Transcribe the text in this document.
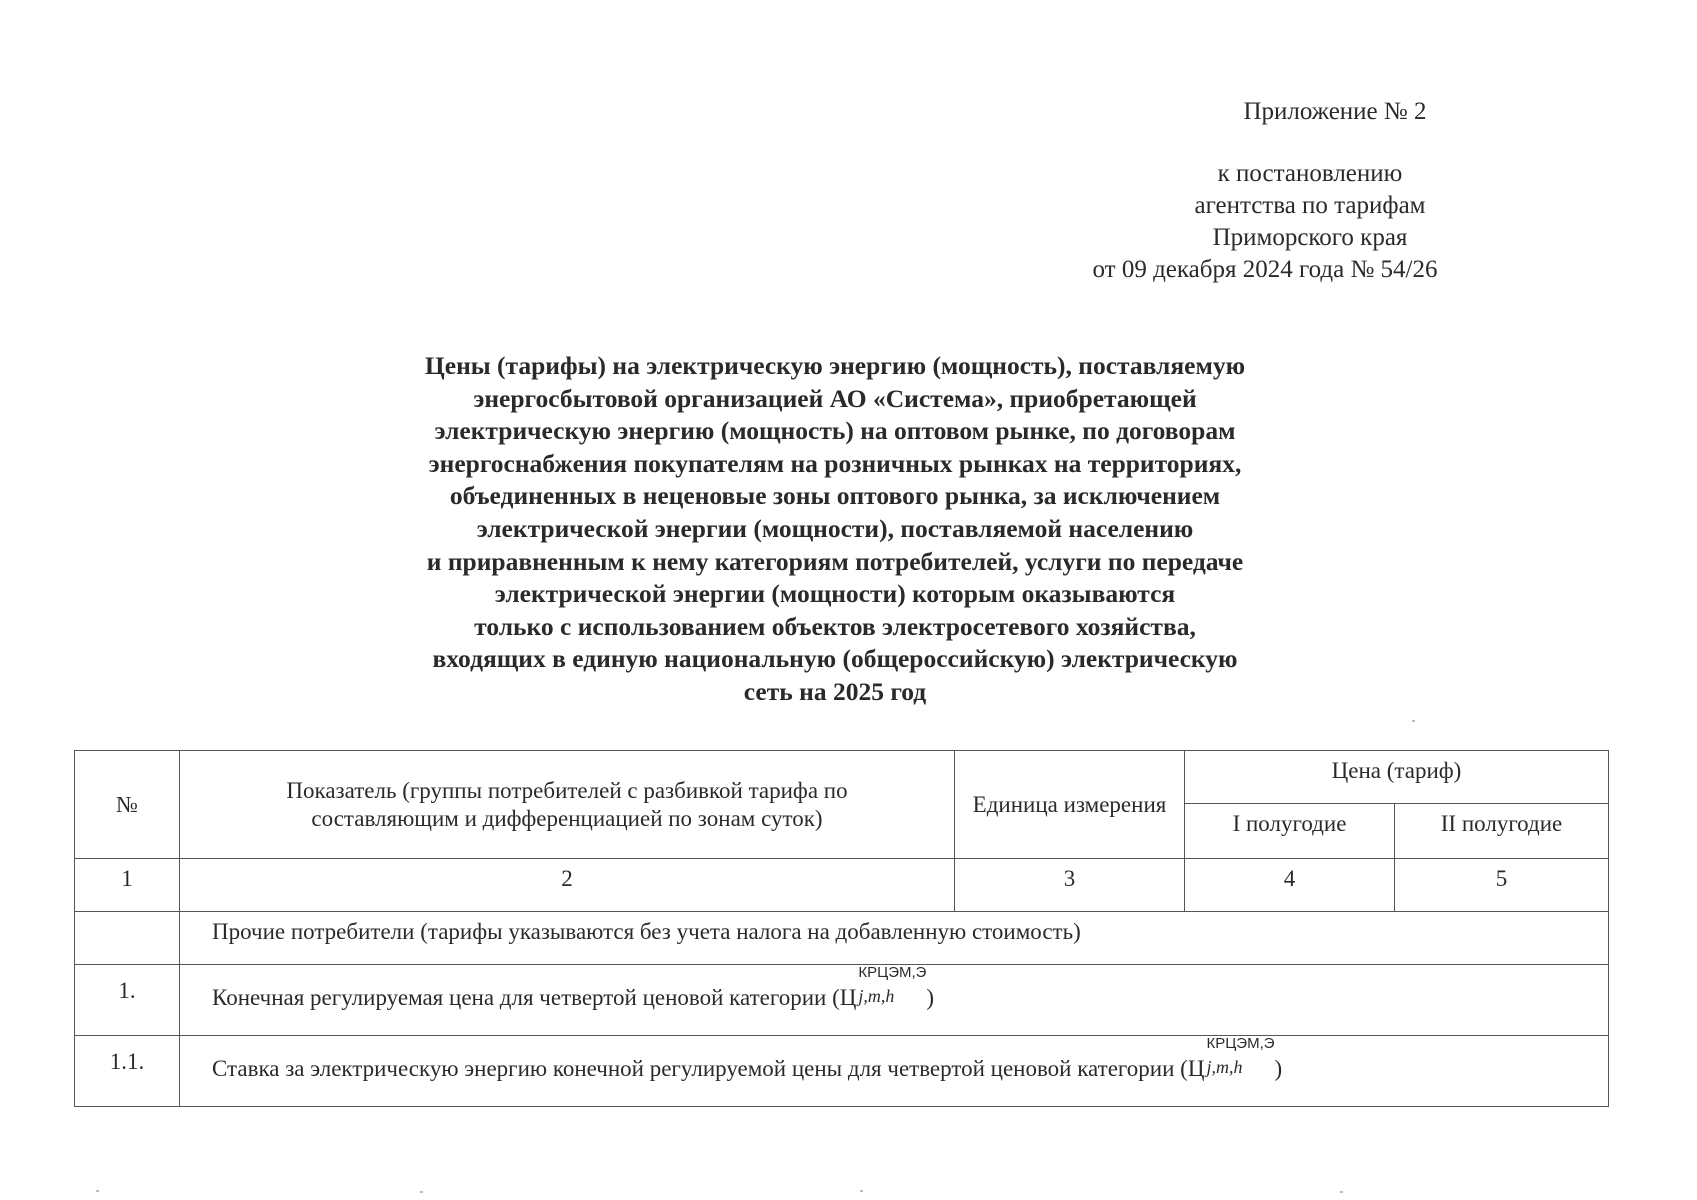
Приложение № 2
к постановлению
агентства по тарифам
Приморского края
от 09 декабря 2024 года № 54/26
Цены (тарифы) на электрическую энергию (мощность), поставляемую
энергосбытовой организацией АО «Система», приобретающей
электрическую энергию (мощность) на оптовом рынке, по договорам
энергоснабжения покупателям на розничных рынках на территориях,
объединенных в неценовые зоны оптового рынка, за исключением
электрической энергии (мощности), поставляемой населению
и приравненным к нему категориям потребителей, услуги по передаче
электрической энергии (мощности) которым оказываются
только с использованием объектов электросетевого хозяйства,
входящих в единую национальную (общероссийскую) электрическую
сеть на 2025 год
№	Показатель (группы потребителей с разбивкой тарифа по составляющим и дифференциацией по зонам суток)	Единица измерения	Цена (тариф)	
			I полугодие	II полугодие
1	2	3	4	5
	Прочие потребители (тарифы указываются без учета налога на добавленную стоимость)			
1.	Конечная регулируемая цена для четвертой ценовой категории (Ц
КРЦЭМ,Э
j,m,h )			
1.1.	Ставка за электрическую энергию конечной регулируемой цены для четвертой ценовой категории (Ц
КРЦЭМ,Э
j,m,h )			
